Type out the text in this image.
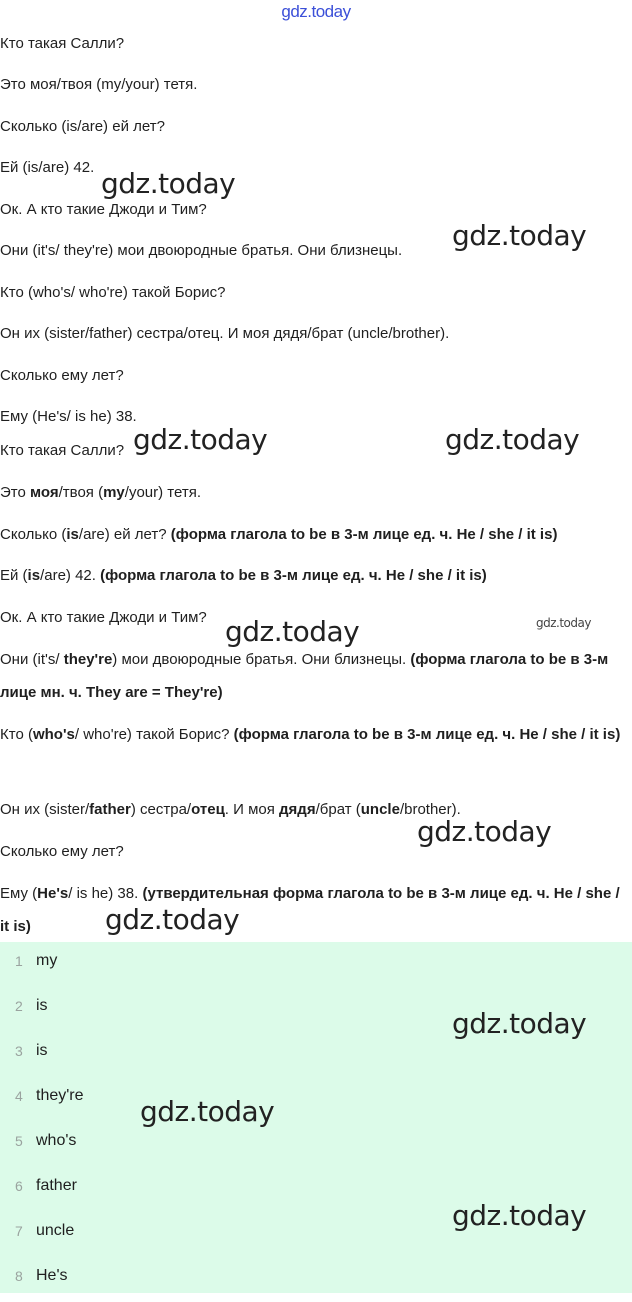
gdz.today
Кто такая Салли?
Это моя/твоя (my/your) тетя.
Сколько (is/are) ей лет?
Ей (is/are) 42.
Ок. А кто такие Джоди и Тим?
Они (it's/ they're) мои двоюродные братья. Они близнецы.
Кто (who's/ who're) такой Борис?
Он их (sister/father) сестра/отец. И моя дядя/брат (uncle/brother).
Сколько ему лет?
Ему (He's/ is he) 38.
Кто такая Салли?
Это моя/твоя (my/your) тетя.
Сколько (is/are) ей лет? (форма глагола to be в 3-м лице ед. ч. He / she / it is)
Ей (is/are) 42. (форма глагола to be в 3-м лице ед. ч. He / she / it is)
Ок. А кто такие Джоди и Тим?
Они (it's/ they're) мои двоюродные братья. Они близнецы. (форма глагола to be в 3-м лице мн. ч. They are = They're)
Кто (who's/ who're) такой Борис? (форма глагола to be в 3-м лице ед. ч. He / she / it is)
Он их (sister/father) сестра/отец. И моя дядя/брат (uncle/brother).
Сколько ему лет?
Ему (He's/ is he) 38. (утвердительная форма глагола to be в 3-м лице ед. ч. He / she / it is)
1 my
2 is
3 is
4 they're
5 who's
6 father
7 uncle
8 He's
gdz.today
gdz.today
gdz.today	gdz.today
gdz.today	gdz.today
gdz.today
gdz.today
gdz.today
gdz.today
gdz.today
